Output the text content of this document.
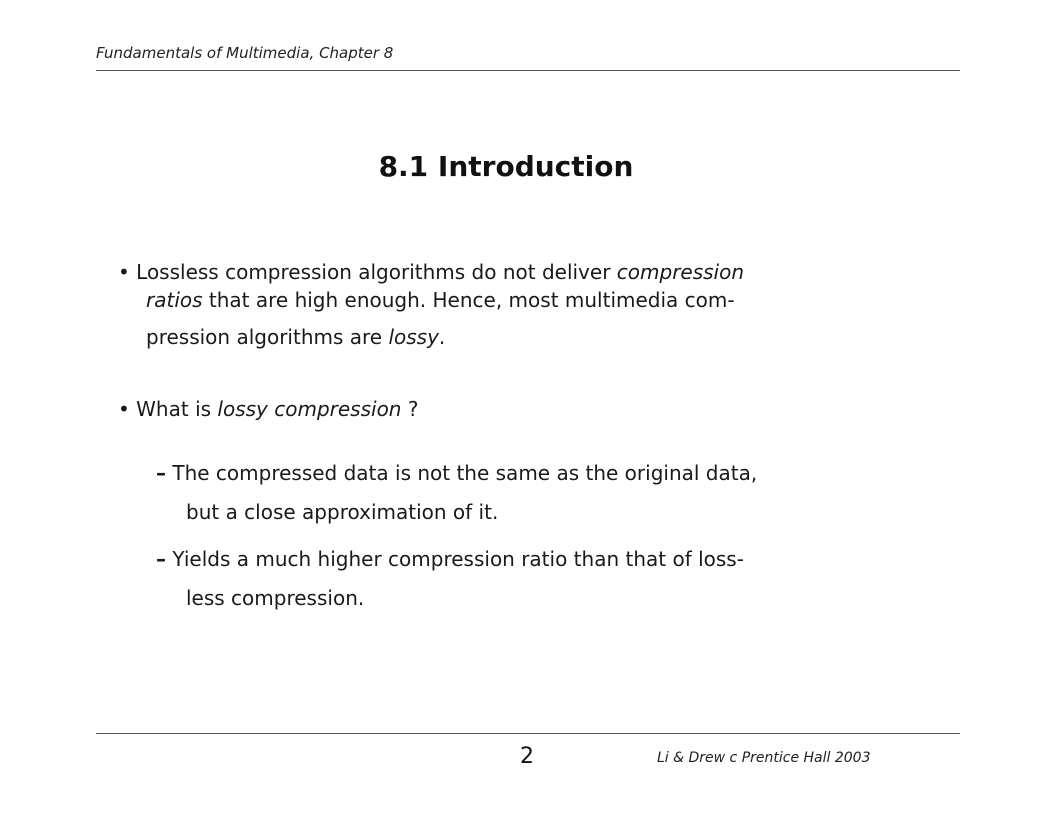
Fundamentals of Multimedia, Chapter 8
8.1 Introduction
• Lossless compression algorithms do not deliver compression
ratios that are high enough. Hence, most multimedia com-
pression algorithms are lossy.
• What is lossy compression ?
– The compressed data is not the same as the original data,
but a close approximation of it.
– Yields a much higher compression ratio than that of loss-
less compression.
2	Li & Drew c Prentice Hall 2003
